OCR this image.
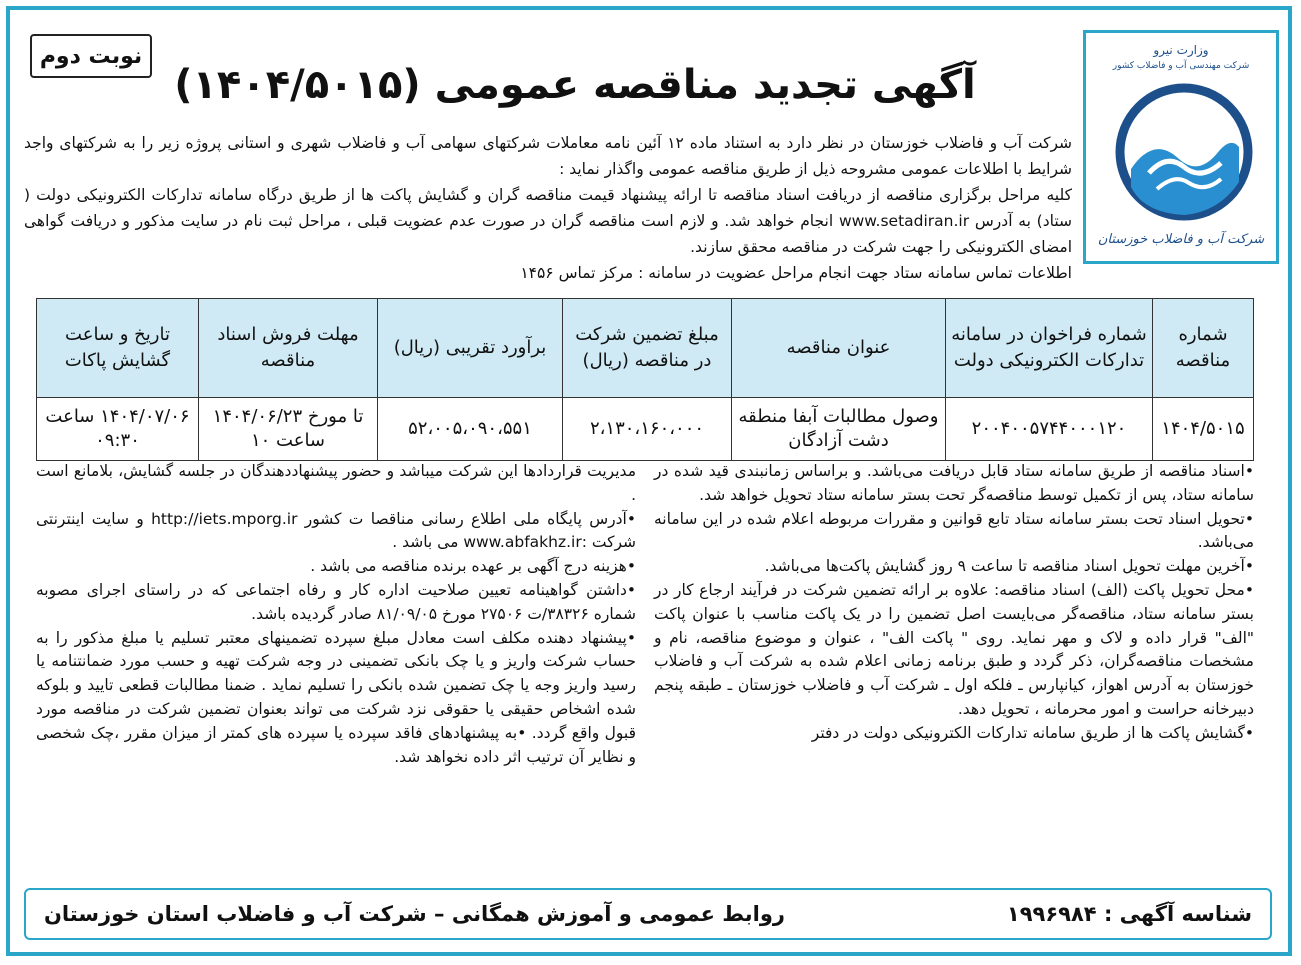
نوبت دوم	وزارت نیرو
شرکت مهندسی آب و فاضلاب کشور
شرکت آب و فاضلاب خوزستان
آگهی تجدید مناقصه عمومی (۱۴۰۴/۵۰۱۵)

شرکت آب و فاضلاب خوزستان در نظر دارد به استناد ماده ۱۲ آئین نامه معاملات شرکتهای سهامی آب و فاضلاب شهری و استانی پروژه زیر را به شرکتهای واجد شرایط با اطلاعات عمومی مشروحه ذیل از طریق مناقصه عمومی واگذار نماید :

کلیه مراحل برگزاری مناقصه از دریافت اسناد مناقصه تا ارائه پیشنهاد قیمت مناقصه گران و گشایش پاکت ها از طریق درگاه سامانه تدارکات الکترونیکی دولت ( ستاد) به آدرس www.setadiran.ir انجام خواهد شد. و لازم است مناقصه گران در صورت عدم عضویت قبلی ، مراحل ثبت نام در سایت مذکور و دریافت گواهی امضای الکترونیکی را جهت شرکت در مناقصه محقق سازند.

اطلاعات تماس سامانه ستاد جهت انجام مراحل عضویت در سامانه : مرکز تماس ۱۴۵۶

شماره مناقصه	شماره فراخوان در سامانه تدارکات الکترونیکی دولت	عنوان مناقصه	مبلغ تضمین شرکت در مناقصه (ریال)	برآورد تقریبی (ریال)	مهلت فروش اسناد مناقصه	تاریخ و ساعت گشایش پاکات
۱۴۰۴/۵۰۱۵	۲۰۰۴۰۰۵۷۴۴۰۰۰۱۲۰	وصول مطالبات آبفا منطقه دشت آزادگان	۲،۱۳۰،۱۶۰،۰۰۰	۵۲،۰۰۵،۰۹۰،۵۵۱	تا مورخ ۱۴۰۴/۰۶/۲۳ ساعت ۱۰	۱۴۰۴/۰۷/۰۶ ساعت ۰۹:۳۰

•اسناد مناقصه از طریق سامانه ستاد قابل دریافت می‌باشد. و براساس زمانبندی قید شده در سامانه ستاد، پس از تکمیل توسط مناقصه‌گر تحت بستر سامانه ستاد تحویل خواهد شد.

•تحویل اسناد تحت بستر سامانه ستاد تابع قوانین و مقررات مربوطه اعلام شده در این سامانه می‌باشد.

•آخرین مهلت تحویل اسناد مناقصه تا ساعت ۹ روز گشایش پاکت‌ها می‌باشد.

•محل تحویل پاکت (الف) اسناد مناقصه: علاوه بر ارائه تضمین شرکت در فرآیند ارجاع کار در بستر سامانه ستاد، مناقصه‌گر می‌بایست اصل تضمین را در یک پاکت مناسب با عنوان پاکت "الف" قرار داده و لاک و مهر نماید. روی " پاکت الف" ، عنوان و موضوع مناقصه، نام و مشخصات مناقصه‌گران، ذکر گردد و طبق برنامه زمانی اعلام شده به شرکت آب و فاضلاب خوزستان به آدرس اهواز، کیانپارس ـ فلکه اول ـ شرکت آب و فاضلاب خوزستان ـ طبقه پنجم دبیرخانه حراست و امور محرمانه ، تحویل دهد.

•گشایش پاکت ها از طریق سامانه تدارکات الکترونیکی دولت در دفتر

مدیریت قراردادها این شرکت میباشد و حضور پیشنهاددهندگان در جلسه گشایش، بلامانع است .

•آدرس پایگاه ملی اطلاع رسانی مناقصا ت کشور http://iets.mporg.ir و سایت اینترنتی شرکت :www.abfakhz.ir می باشد .

•هزینه درج آگهی بر عهده برنده مناقصه می باشد .

•داشتن گواهینامه تعیین صلاحیت اداره کار و رفاه اجتماعی که در راستای اجرای مصوبه شماره ۳۸۳۲۶/ت ۲۷۵۰۶ مورخ ۸۱/۰۹/۰۵ صادر گردیده باشد.

•پیشنهاد دهنده مکلف است معادل مبلغ سپرده تضمینهای معتبر تسلیم یا مبلغ مذکور را به حساب شرکت واریز و یا چک بانکی تضمینی در وجه شرکت تهیه و حسب مورد ضمانتنامه یا رسید واریز وجه یا چک تضمین شده بانکی را تسلیم نماید . ضمنا مطالبات قطعی تایید و بلوکه شده اشخاص حقیقی یا حقوقی نزد شرکت می تواند بعنوان تضمین شرکت در مناقصه مورد قبول واقع گردد. •به پیشنهادهای فاقد سپرده یا سپرده های کمتر از میزان مقرر ،چک شخصی و نظایر آن ترتیب اثر داده نخواهد شد.

شناسه آگهی : ۱۹۹۶۹۸۴
روابط عمومی و آموزش همگانی – شرکت آب و فاضلاب استان خوزستان
